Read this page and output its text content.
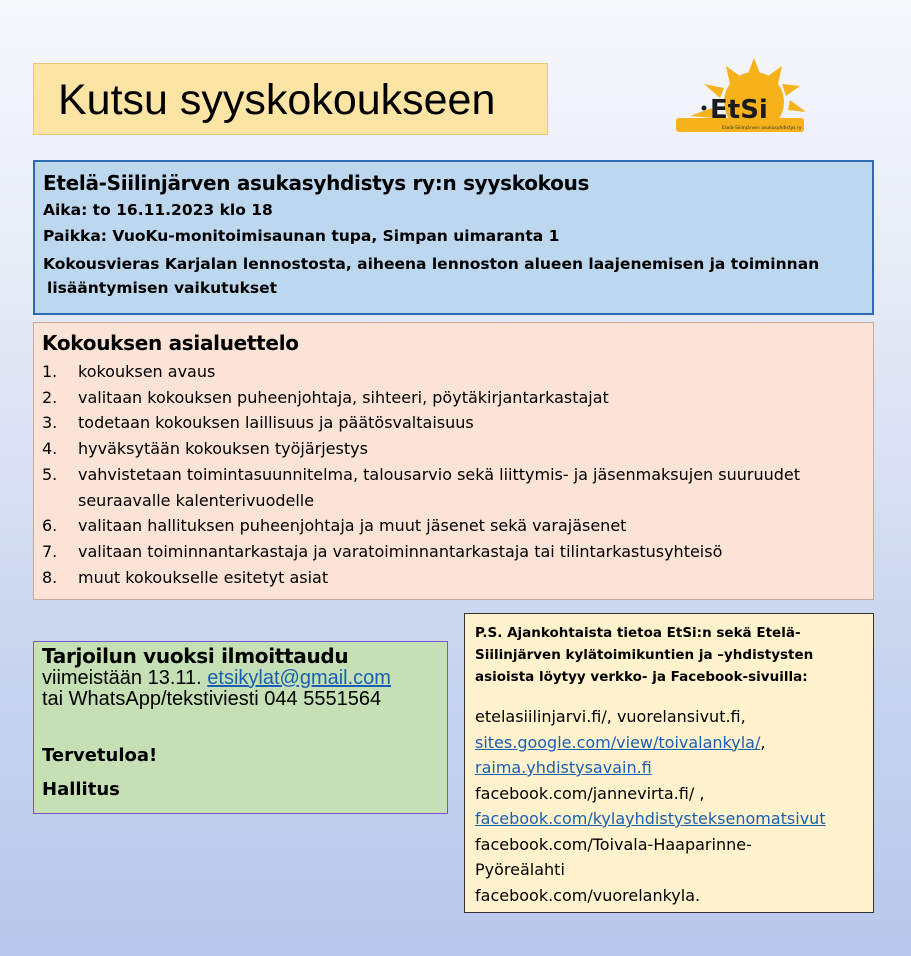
Kutsu syyskokoukseen	EtSi
Etelä-Siilinjärven asukasyhdistys ry
Etelä-Siilinjärven asukasyhdistys ry:n syyskokous
Aika: to 16.11.2023 klo 18
Paikka: VuoKu-monitoimisaunan tupa, Simpan uimaranta 1
Kokousvieras Karjalan lennostosta, aiheena lennoston alueen laajenemisen ja toiminnan lisääntymisen vaikutukset
Kokouksen asialuettelo
1.	kokouksen avaus
2.	valitaan kokouksen puheenjohtaja, sihteeri, pöytäkirjantarkastajat
3.	todetaan kokouksen laillisuus ja päätösvaltaisuus
4.	hyväksytään kokouksen työjärjestys
5.	vahvistetaan toimintasuunnitelma, talousarvio sekä liittymis- ja jäsenmaksujen suuruudet seuraavalle kalenterivuodelle
6.	valitaan hallituksen puheenjohtaja ja muut jäsenet sekä varajäsenet
7.	valitaan toiminnantarkastaja ja varatoiminnantarkastaja tai tilintarkastusyhteisö
8.	muut kokoukselle esitetyt asiat
Tarjoilun vuoksi ilmoittaudu
viimeistään 13.11. etsikylat@gmail.com
tai WhatsApp/tekstiviesti 044 5551564
Tervetuloa!
Hallitus
P.S. Ajankohtaista tietoa EtSi:n sekä Etelä-Siilinjärven kylätoimikuntien ja –yhdistysten asioista löytyy verkko- ja Facebook-sivuilla:
etelasiilinjarvi.fi/, vuorelansivut.fi,
sites.google.com/view/toivalankyla/,
raima.yhdistysavain.fi
facebook.com/jannevirta.fi/ ,
facebook.com/kylayhdistysteksenomatsivut
facebook.com/Toivala-Haaparinne-
Pyöreälahti
facebook.com/vuorelankyla.
